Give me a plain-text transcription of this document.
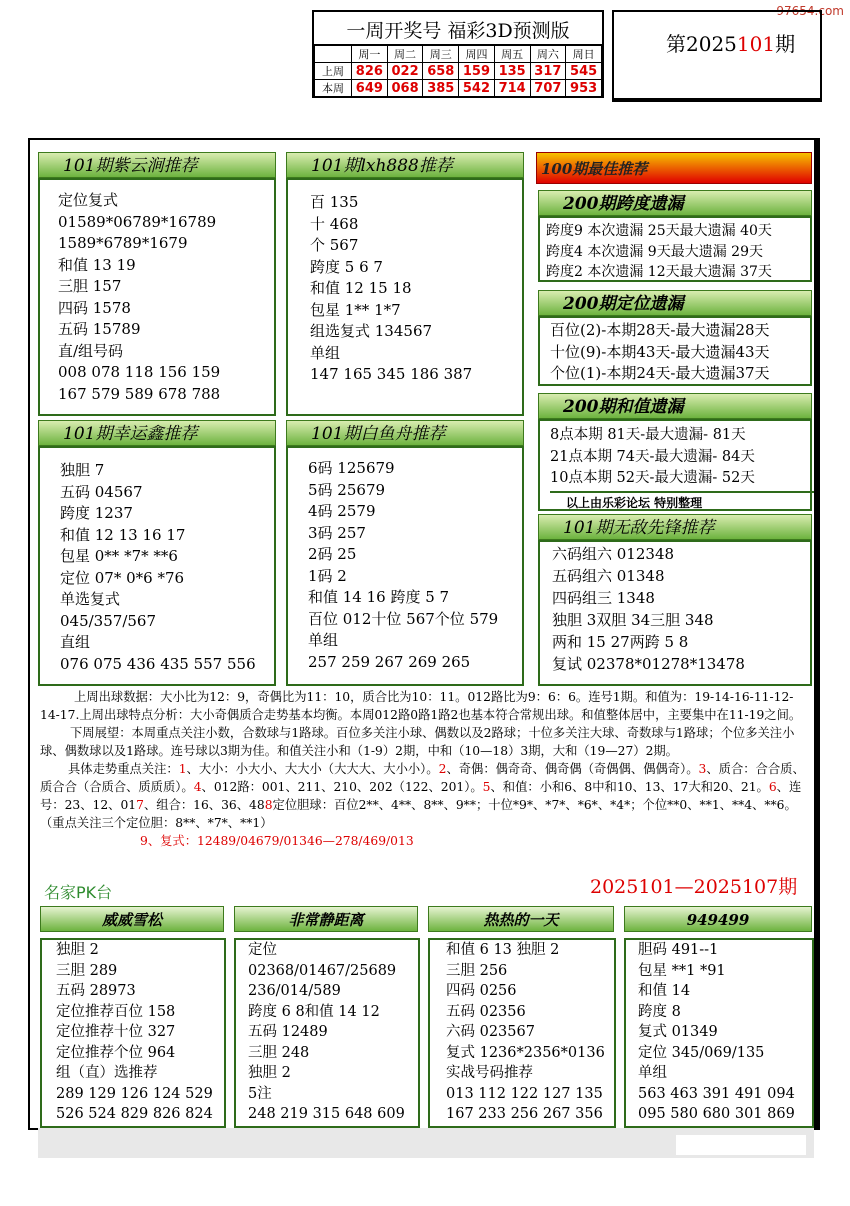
97654.com
一周开奖号 福彩3D预测版
	周一	周二	周三	周四	周五	周六	周日
上周	826	022	658	159	135	317	545
本周	649	068	385	542	714	707	953
第2025101期
101期紫云涧推荐
定位复式
01589*06789*16789
1589*6789*1679
和值 13 19
三胆 157
四码 1578
五码 15789
直/组号码
008 078 118 156 159
167 579 589 678 788
101期lxh888推荐
百 135
十 468
个 567
跨度 5 6 7
和值 12 15 18
包星 1** 1*7
组选复式 134567
单组
147 165 345 186 387
101期幸运鑫推荐
独胆 7
五码 04567
跨度 1237
和值 12 13 16 17
包星 0** *7* **6
定位 07* 0*6 *76
单选复式
045/357/567
直组
076 075 436 435 557 556
101期白鱼舟推荐
6码 125679
5码 25679
4码 2579
3码 257
2码 25
1码 2
和值 14 16 跨度 5 7
百位 012十位 567个位 579
单组
257 259 267 269 265
100期最佳推荐
200期跨度遗漏
跨度9 本次遗漏 25天最大遗漏 40天
跨度4 本次遗漏 9天最大遗漏 29天
跨度2 本次遗漏 12天最大遗漏 37天
200期定位遗漏
百位(2)-本期28天-最大遗漏28天
十位(9)-本期43天-最大遗漏43天
个位(1)-本期24天-最大遗漏37天
200期和值遗漏
8点本期 81天-最大遗漏- 81天
21点本期 74天-最大遗漏- 84天
10点本期 52天-最大遗漏- 52天
以上由乐彩论坛 特别整理
101期无敌先锋推荐
六码组六 012348
五码组六 01348
四码组三 1348
独胆 3双胆 34三胆 348
两和 15 27两跨 5 8
复试 02378*01278*13478

上周出球数据：大小比为12：9，奇偶比为11：10，质合比为10：11。012路比为9：6：6。连号1期。和值为：19-14-16-11-12-14-17.上周出球特点分析：大小奇偶质合走势基本均衡。本周012路0路1路2也基本符合常规出球。和值整体居中，主要集中在11-19之间。

下周展望：本周重点关注小数，合数球与1路球。百位多关注小球、偶数以及2路球；十位多关注大球、奇数球与1路球；个位多关注小球、偶数球以及1路球。连号球以3期为佳。和值关注小和（1-9）2期，中和（10—18）3期，大和（19—27）2期。

具体走势重点关注：1、大小：小大小、大大小（大大大、大小小）。2、奇偶：偶奇奇、偶奇偶（奇偶偶、偶偶奇）。3、质合：合合质、质合合（合质合、质质质）。4、012路：001、211、210、202（122、201）。5、和值：小和6、8中和10、13、17大和20、21。6、连号：23、12、017、组合：16、36、488定位胆球：百位2**、4**、8**、9**；十位*9*、*7*、*6*、*4*；个位**0、**1、**4、**6。（重点关注三个定位胆：8**、*7*、**1）

9、复式：12489/04679/01346—278/469/013

名家PK台	2025101—2025107期
威威雪松
独胆 2
三胆 289
五码 28973
定位推荐百位 158
定位推荐十位 327
定位推荐个位 964
组（直）选推荐
289 129 126 124 529
526 524 829 826 824
非常静距离
定位
02368/01467/25689
236/014/589
跨度 6 8和值 14 12
五码 12489
三胆 248
独胆 2
5注
248 219 315 648 609
热热的一天
和值 6 13 独胆 2
三胆 256
四码 0256
五码 02356
六码 023567
复式 1236*2356*0136
实战号码推荐
013 112 122 127 135
167 233 256 267 356
949499
胆码 491--1
包星 **1 *91
和值 14
跨度 8
复式 01349
定位 345/069/135
单组
563 463 391 491 094
095 580 680 301 869
